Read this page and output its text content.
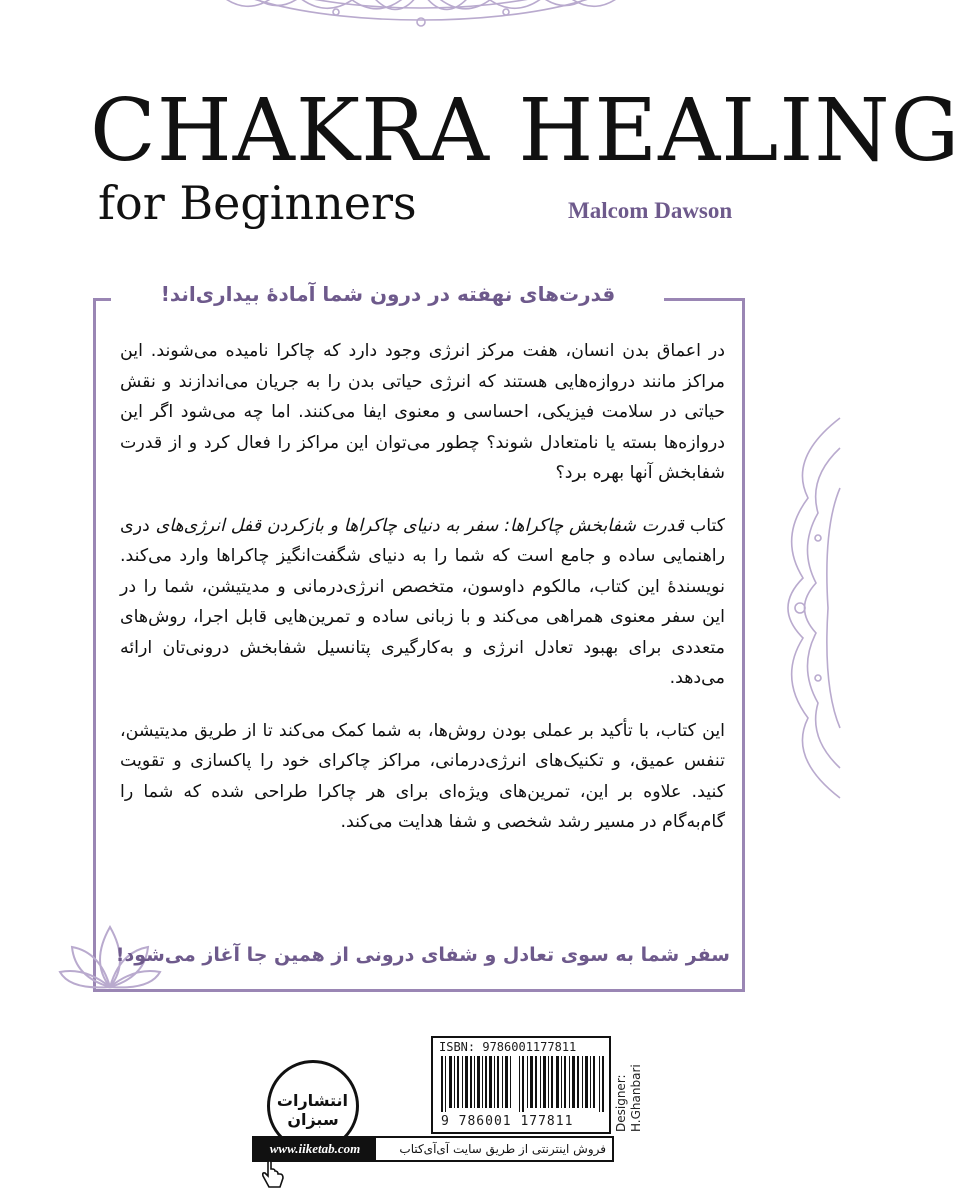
CHAKRA HEALING
for Beginners	Malcom Dawson
قدرت‌های نهفته در درون شما آمادهٔ بیداری‌اند!

در اعماق بدن انسان، هفت مرکز انرژی وجود دارد که چاکرا نامیده می‌شوند. این مراکز مانند دروازه‌هایی هستند که انرژی حیاتی بدن را به جریان می‌اندازند و نقش حیاتی در سلامت فیزیکی، احساسی و معنوی ایفا می‌کنند. اما چه می‌شود اگر این دروازه‌ها بسته یا نامتعادل شوند؟ چطور می‌توان این مراکز را فعال کرد و از قدرت شفابخش آنها بهره برد؟

کتاب قدرت شفابخش چاکراها: سفر به دنیای چاکراها و بازکردن قفل انرژی‌های دری راهنمایی ساده و جامع است که شما را به دنیای شگفت‌انگیز چاکراها وارد می‌کند. نویسندهٔ این کتاب، مالکوم داوسون، متخصص انرژی‌درمانی و مدیتیشن، شما را در این سفر معنوی همراهی می‌کند و با زبانی ساده و تمرین‌هایی قابل اجرا، روش‌های متعددی برای بهبود تعادل انرژی و به‌کارگیری پتانسیل شفابخش درونی‌تان ارائه می‌دهد.

این کتاب، با تأکید بر عملی بودن روش‌ها، به شما کمک می‌کند تا از طریق مدیتیشن، تنفس عمیق، و تکنیک‌های انرژی‌درمانی، مراکز چاکرای خود را پاکسازی و تقویت کنید. علاوه بر این، تمرین‌های ویژه‌ای برای هر چاکرا طراحی شده که شما را گام‌به‌گام در مسیر رشد شخصی و شفا هدایت می‌کند.

سفر شما به سوی تعادل و شفای درونی از همین جا آغاز می‌شود!
انتشارات سبزان
ISBN: 9786001177811
9 786001 177811	Designer: H.Ghanbari
www.iiketab.com	فروش اینترنتی از طریق سایت آی‌آی‌کتاب
